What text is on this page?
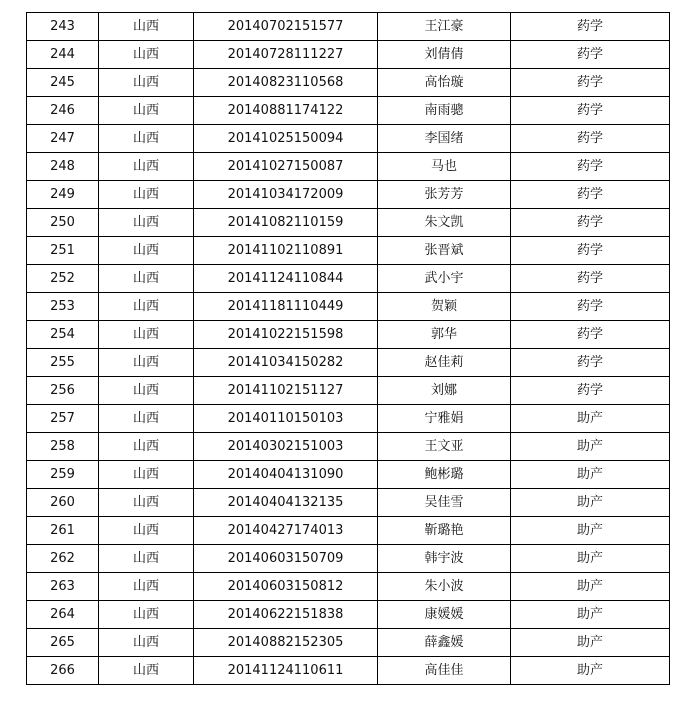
243	山西	20140702151577	王江豪	药学
244	山西	20140728111227	刘倩倩	药学
245	山西	20140823110568	高怡璇	药学
246	山西	20140881174122	南雨骢	药学
247	山西	20141025150094	李国绪	药学
248	山西	20141027150087	马也	药学
249	山西	20141034172009	张芳芳	药学
250	山西	20141082110159	朱文凯	药学
251	山西	20141102110891	张晋斌	药学
252	山西	20141124110844	武小宇	药学
253	山西	20141181110449	贺颖	药学
254	山西	20141022151598	郭华	药学
255	山西	20141034150282	赵佳莉	药学
256	山西	20141102151127	刘娜	药学
257	山西	20140110150103	宁雅娟	助产
258	山西	20140302151003	王文亚	助产
259	山西	20140404131090	鲍彬璐	助产
260	山西	20140404132135	吴佳雪	助产
261	山西	20140427174013	靳璐艳	助产
262	山西	20140603150709	韩宇波	助产
263	山西	20140603150812	朱小波	助产
264	山西	20140622151838	康媛媛	助产
265	山西	20140882152305	薛鑫媛	助产
266	山西	20141124110611	高佳佳	助产
